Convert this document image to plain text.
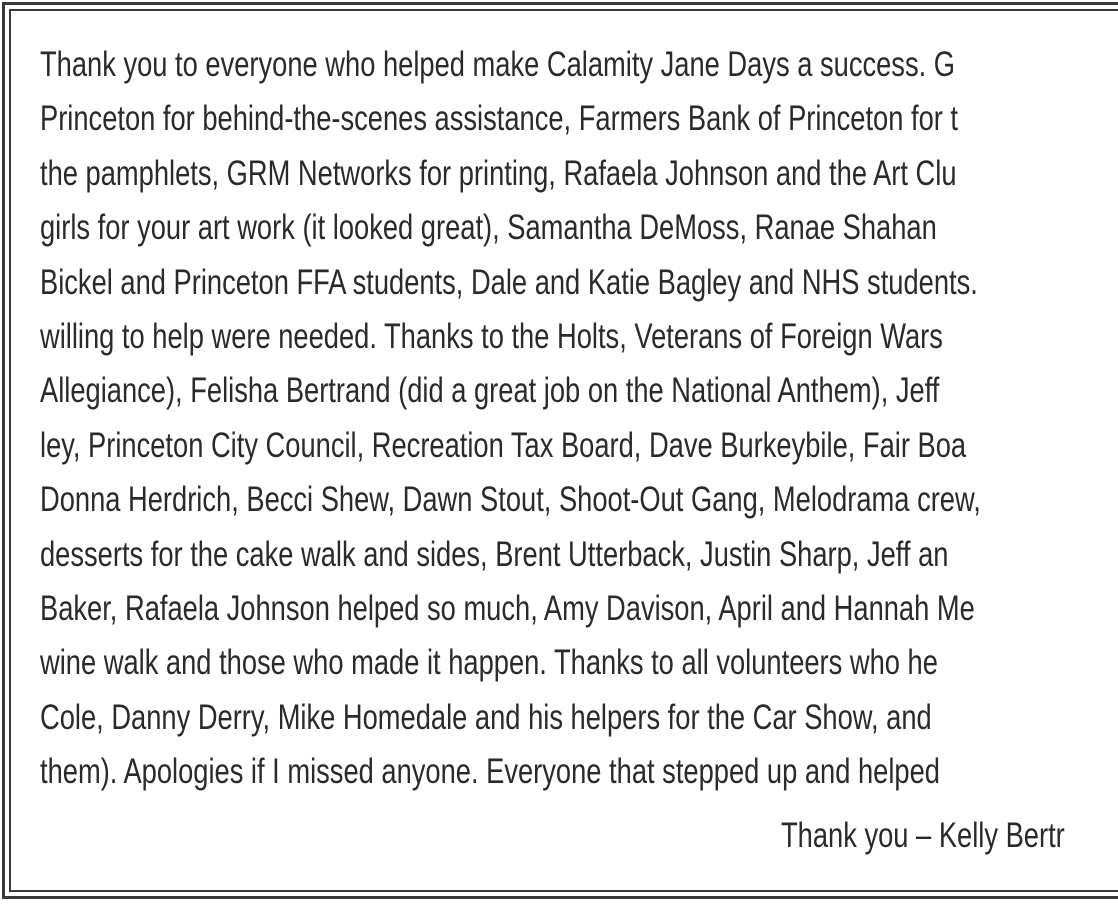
Thank you to everyone who helped make Calamity Jane Days a success. G
Princeton for behind-the-scenes assistance, Farmers Bank of Princeton for t
the pamphlets, GRM Networks for printing, Rafaela Johnson and the Art Clu
girls for your art work (it looked great), Samantha DeMoss, Ranae Shahan
Bickel and Princeton FFA students, Dale and Katie Bagley and NHS students.
willing to help were needed. Thanks to the Holts, Veterans of Foreign Wars
Allegiance), Felisha Bertrand (did a great job on the National Anthem), Jeff
ley, Princeton City Council, Recreation Tax Board, Dave Burkeybile, Fair Boa
Donna Herdrich, Becci Shew, Dawn Stout, Shoot-Out Gang, Melodrama crew,
desserts for the cake walk and sides, Brent Utterback, Justin Sharp, Jeff an
Baker, Rafaela Johnson helped so much, Amy Davison, April and Hannah Me
wine walk and those who made it happen. Thanks to all volunteers who he
Cole, Danny Derry, Mike Homedale and his helpers for the Car Show, and
them). Apologies if I missed anyone. Everyone that stepped up and helped
Thank you – Kelly Bertr
